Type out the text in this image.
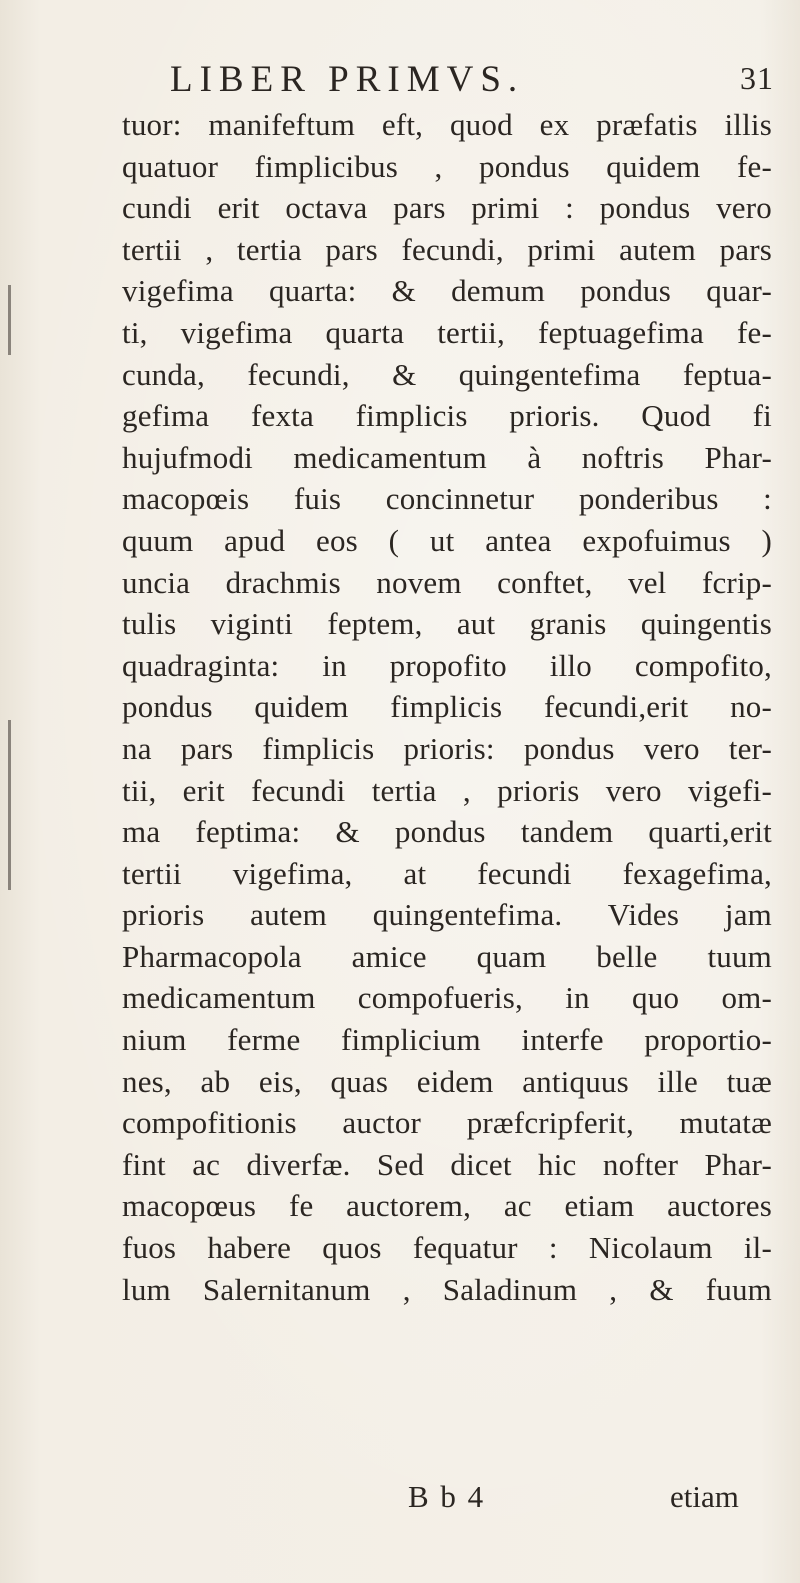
LIBER PRIMVS.	31
tuor: manifeftum eft, quod ex præfatis illis
quatuor fimplicibus , pondus quidem fe-
cundi erit octava pars primi : pondus vero
tertii , tertia pars fecundi, primi autem pars
vigefima quarta: & demum pondus quar-
ti, vigefima quarta tertii, feptuagefima fe-
cunda, fecundi, & quingentefima feptua-
gefima fexta fimplicis prioris. Quod fi
hujufmodi medicamentum à noftris Phar-
macopœis fuis concinnetur ponderibus :
quum apud eos ( ut antea expofuimus )
uncia drachmis novem conftet, vel fcrip-
tulis viginti feptem, aut granis quingentis
quadraginta: in propofito illo compofito,
pondus quidem fimplicis fecundi,erit no-
na pars fimplicis prioris: pondus vero ter-
tii, erit fecundi tertia , prioris vero vigefi-
ma feptima: & pondus tandem quarti,erit
tertii vigefima, at fecundi fexagefima,
prioris autem quingentefima. Vides jam
Pharmacopola amice quam belle tuum
medicamentum compofueris, in quo om-
nium ferme fimplicium interfe proportio-
nes, ab eis, quas eidem antiquus ille tuæ
compofitionis auctor præfcripferit, mutatæ
fint ac diverfæ. Sed dicet hic nofter Phar-
macopœus fe auctorem, ac etiam auctores
fuos habere quos fequatur : Nicolaum il-
lum Salernitanum , Saladinum , & fuum
B b 4	etiam
